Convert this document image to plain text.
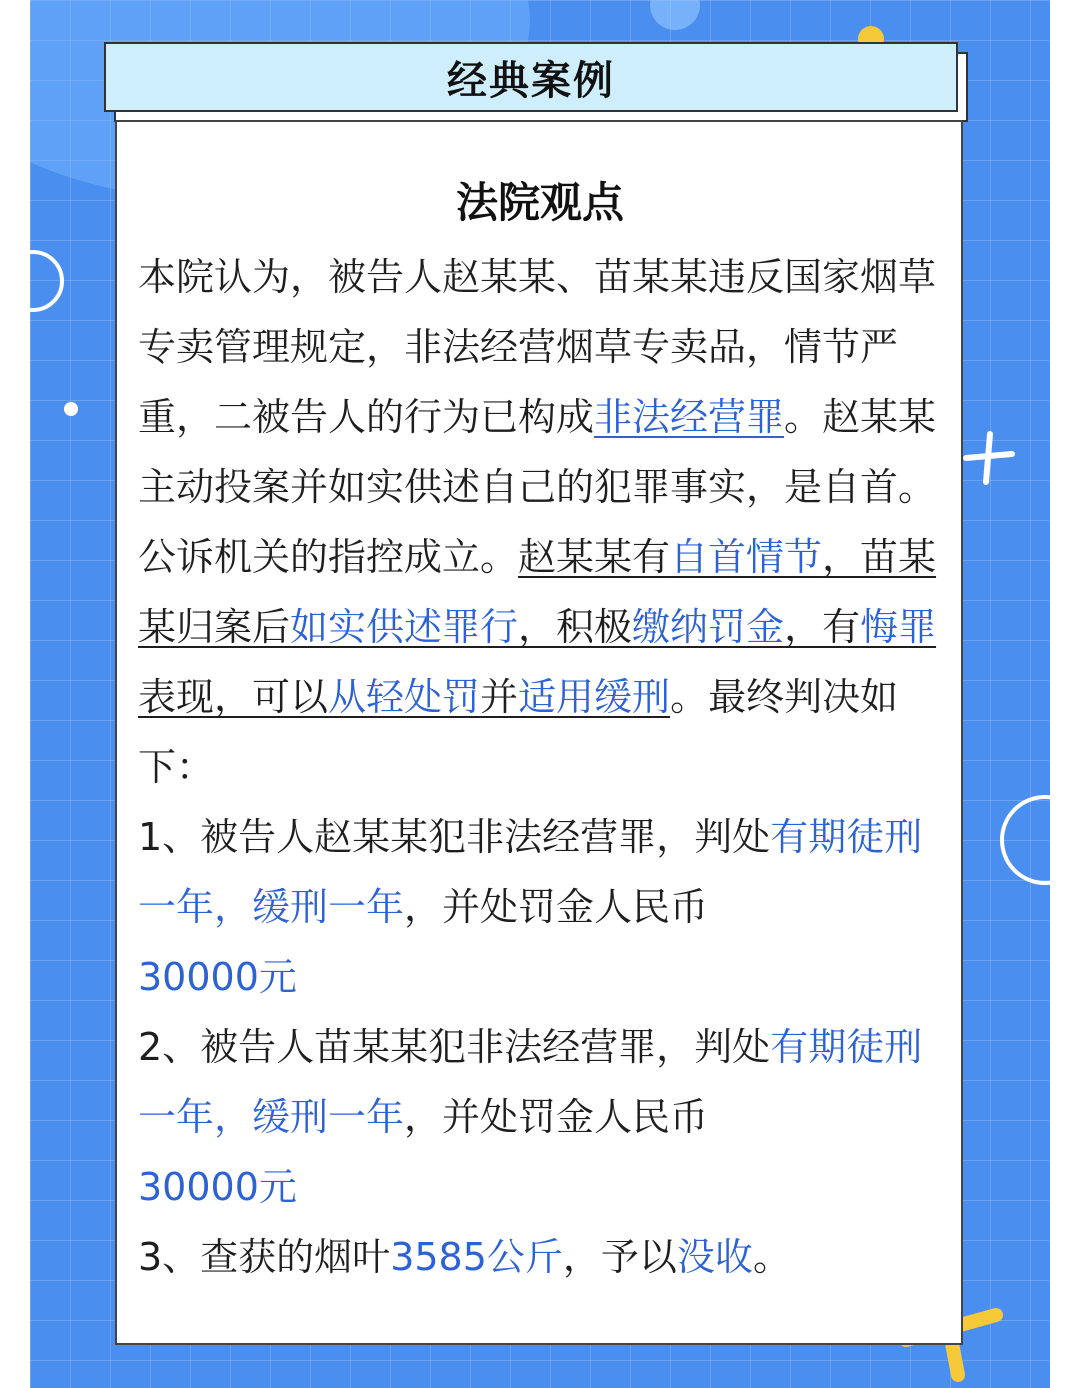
经典案例
法院观点

本院认为，被告人赵某某、苗某某违反国家烟草专卖管理规定，非法经营烟草专卖品，情节严重，二被告人的行为已构成非法经营罪。赵某某主动投案并如实供述自己的犯罪事实，是自首。公诉机关的指控成立。赵某某有自首情节，苗某某归案后如实供述罪行，积极缴纳罚金，有悔罪表现，可以从轻处罚并适用缓刑。最终判决如下：

1、被告人赵某某犯非法经营罪，判处有期徒刑一年，缓刑一年，并处罚金人民币
30000元

2、被告人苗某某犯非法经营罪，判处有期徒刑一年，缓刑一年，并处罚金人民币
30000元

3、查获的烟叶3585公斤，予以没收。
